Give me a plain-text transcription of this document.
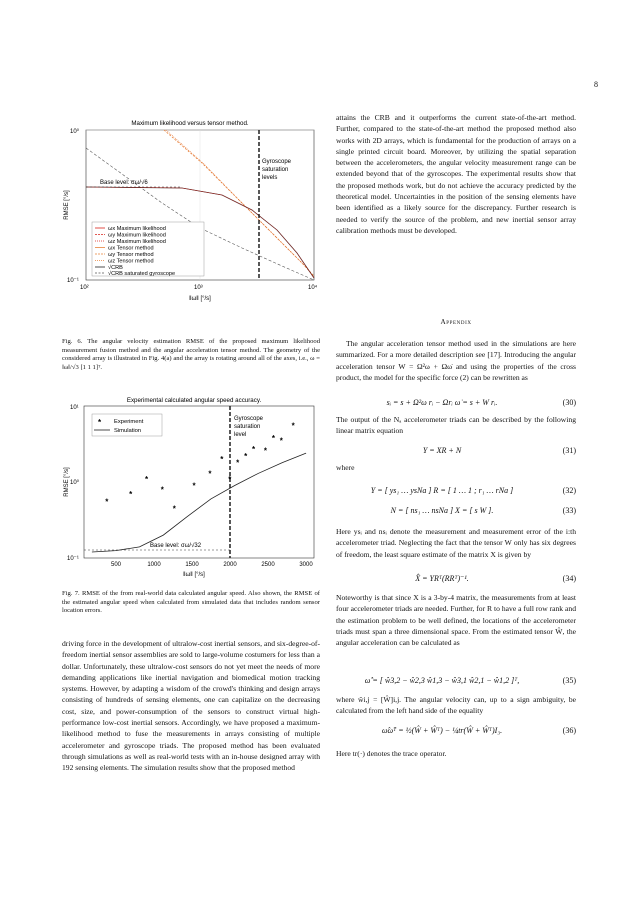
8
Maximum likelihood versus tensor method.
10⁰
10⁻¹
10²	10³	10⁴
‖ω‖ [°/s]
RMSE [°/s]
Base level: σω/√6
Gyroscope
saturation
levels
ωx Maximum likelihood
ωy Maximum likelihood
ωz Maximum likelihood
ωx Tensor method
ωy Tensor method
ωz Tensor method
√CRB
√CRB saturated gyroscope

Fig. 6. The angular velocity estimation RMSE of the proposed maximum likelihood measurement fusion method and the angular acceleration tensor method. The geometry of the considered array is illustrated in Fig. 4(a) and the array is rotating around all of the axes, i.e., ω = ‖ω‖/√3 [1 1 1]ᵀ.

Experimental calculated angular speed accuracy.
10¹
10⁰
10⁻¹
500	1000	1500	2000	2500	3000
‖ω‖ [°/s]
RMSE [°/s]
Base level: σω/√32
Gyroscope
saturation
level
*
*
*
*
*
*
*
*
*
*
*
* *
* *
*
* Experiment
Simulation

Fig. 7. RMSE of the from real-world data calculated angular speed. Also shown, the RMSE of the estimated angular speed when calculated from simulated data that includes random sensor location errors.

driving force in the development of ultralow-cost inertial sensors, and six-degree-of-freedom inertial sensor assemblies are sold to large-volume costumers for less than a dollar. Unfortunately, these ultralow-cost sensors do not yet meet the needs of more demanding applications like inertial navigation and biomedical motion tracking systems. However, by adapting a wisdom of the crowd's thinking and design arrays consisting of hundreds of sensing elements, one can capitalize on the decreasing cost, size, and power-consumption of the sensors to construct virtual high-performance low-cost inertial sensors. Accordingly, we have proposed a maximum-likelihood method to fuse the measurements in arrays consisting of multiple accelerometer and gyroscope triads. The proposed method has been evaluated through simulations as well as real-world tests with an in-house designed array with 192 sensing elements. The simulation results show that the proposed method

attains the CRB and it outperforms the current state-of-the-art method. Further, compared to the state-of-the-art method the proposed method also works with 2D arrays, which is fundamental for the production of arrays on a single printed circuit board. Moreover, by utilizing the spatial separation between the accelerometers, the angular velocity measurement range can be extended beyond that of the gyroscopes. The experimental results show that the proposed methods work, but do not achieve the accuracy predicted by the theoretical model. Uncertainties in the position of the sensing elements have been identified as a likely source for the discrepancy. Further research is needed to verify the source of the problem, and new inertial sensor array calibration methods must be developed.

Appendix

The angular acceleration tensor method used in the simulations are here summarized. For a more detailed description see [17]. Introducing the angular acceleration tensor W = Ω²ω + Ωω̇ and using the properties of the cross product, the model for the specific force (2) can be rewritten as

sᵢ = s + Ω²ω rᵢ − Ωrᵢ ω̇ = s + W rᵢ.	(30)

The output of the Nₐ accelerometer triads can be described by the following linear matrix equation

Y = XR + N	(31)

where

Y = [ ys₁ … ysNa ] R = [ 1 … 1 ; r₁ … rNa ]	(32)
N = [ ns₁ … nsNa ] X = [ s W ].	(33)

Here ysᵢ and nsᵢ denote the measurement and measurement error of the i:th accelerometer triad. Neglecting the fact that the tensor W only has six degrees of freedom, the least square estimate of the matrix X is given by

X̂ = YRᵀ(RRᵀ)⁻¹.	(34)

Noteworthy is that since X is a 3-by-4 matrix, the measurements from at least four accelerometer triads are needed. Further, for R to have a full row rank and the estimation problem to be well defined, the locations of the accelerometer triads must span a three dimensional space. From the estimated tensor Ŵ, the angular acceleration can be calculated as

ω̇̂ = [ ŵ3,2 − ŵ2,3 ŵ1,3 − ŵ3,1 ŵ2,1 − ŵ1,2 ]ᵀ,	(35)

where ŵi,j = [Ŵ]i,j. The angular velocity can, up to a sign ambiguity, be calculated from the left hand side of the equality

ω̂ω̂ᵀ = ½(Ŵ + Ŵᵀ) − ¼tr(Ŵ + Ŵᵀ)I₃.	(36)

Here tr(·) denotes the trace operator.
